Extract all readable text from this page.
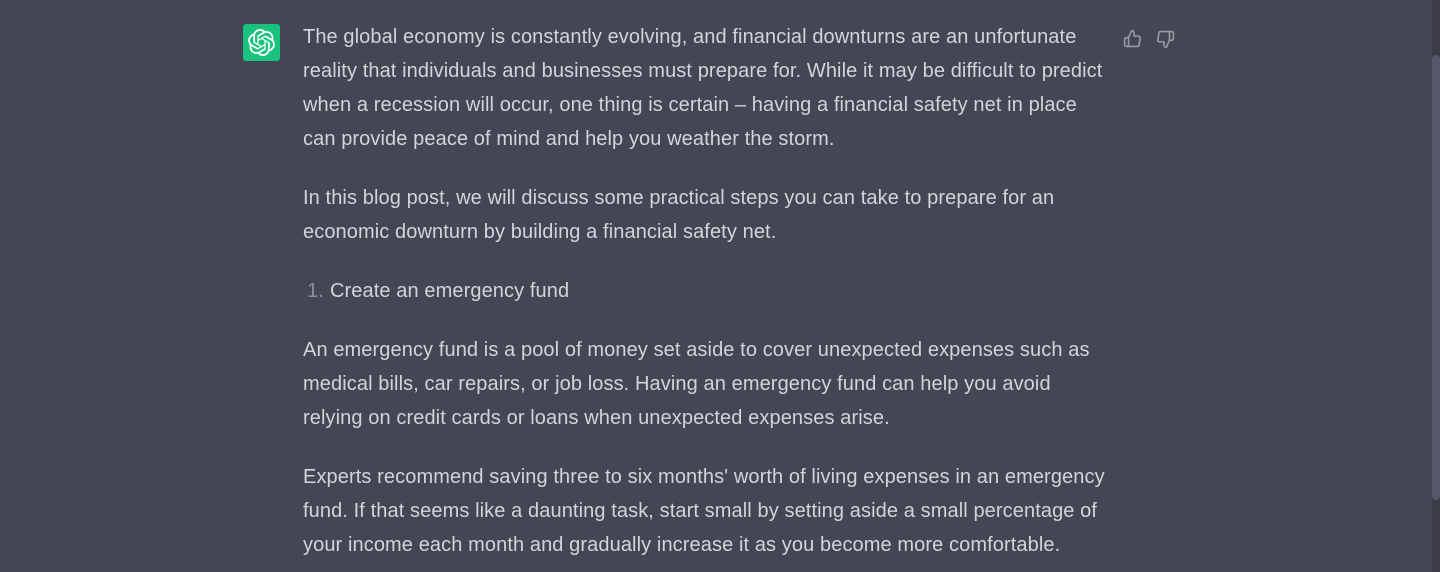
The global economy is constantly evolving, and financial downturns are an unfortunate reality that individuals and businesses must prepare for. While it may be difficult to predict when a recession will occur, one thing is certain – having a financial safety net in place can provide peace of mind and help you weather the storm.

In this blog post, we will discuss some practical steps you can take to prepare for an economic downturn by building a financial safety net.

1. Create an emergency fund

An emergency fund is a pool of money set aside to cover unexpected expenses such as medical bills, car repairs, or job loss. Having an emergency fund can help you avoid relying on credit cards or loans when unexpected expenses arise.

Experts recommend saving three to six months' worth of living expenses in an emergency fund. If that seems like a daunting task, start small by setting aside a small percentage of your income each month and gradually increase it as you become more comfortable.
